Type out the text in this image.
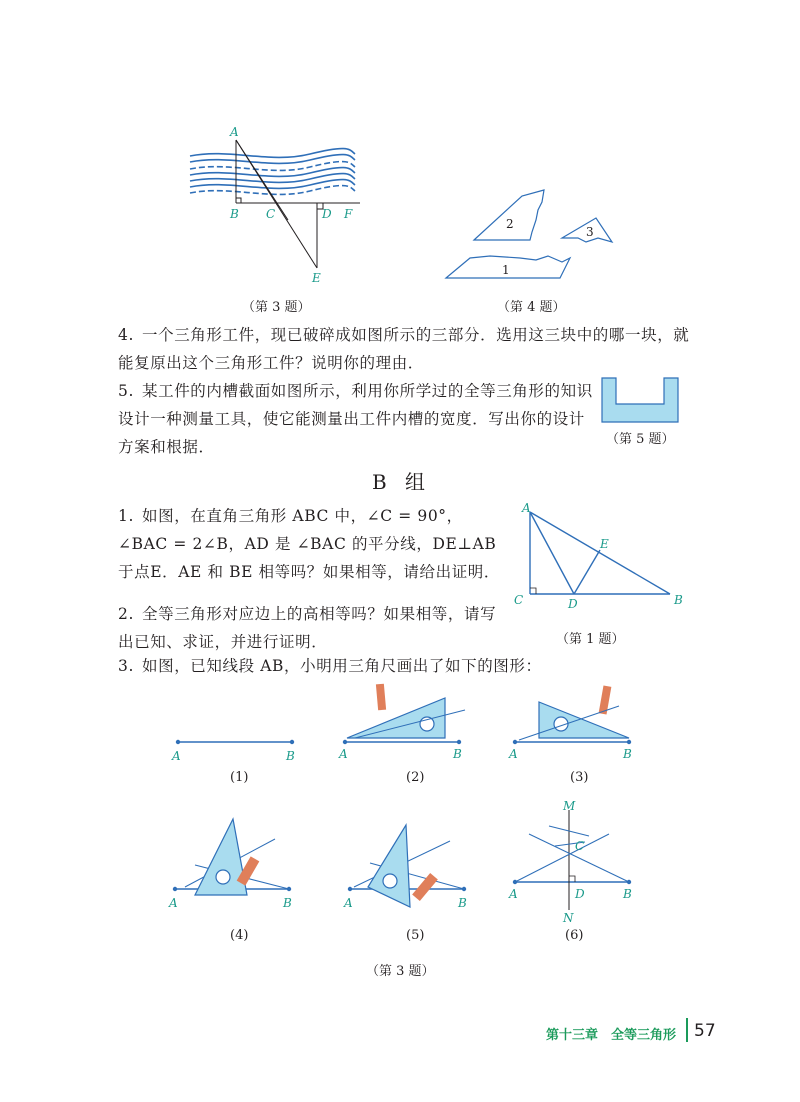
A
B C	D F
E
（第 3 题）
2
3
1
（第 4 题）
4. 一个三角形工件，现已破碎成如图所示的三部分．选用这三块中的哪一块，就能复原出这个三角形工件？说明你的理由．
5. 某工件的内槽截面如图所示，利用你所学过的全等三角形的知识设计一种测量工具，使它能测量出工件内槽的宽度．写出你的设计方案和根据．	（第 5 题）
B 组
1. 如图，在直角三角形 ABC 中，∠C = 90°，∠BAC = 2∠B，AD 是 ∠BAC 的平分线，DE⊥AB 于点E．AE 和 BE 相等吗？如果相等，请给出证明．
2. 全等三角形对应边上的高相等吗？如果相等，请写出已知、求证，并进行证明．
3. 如图，已知线段 AB，小明用三角尺画出了如下的图形：
A
E
C	D	B
（第 1 题）
A	B
(1)
A	B
(2)
A	B
(3)
A	B
(4)
A	B
(5)
M
C
A	D	B
N
(6)
（第 3 题）
第十三章　全等三角形 57
